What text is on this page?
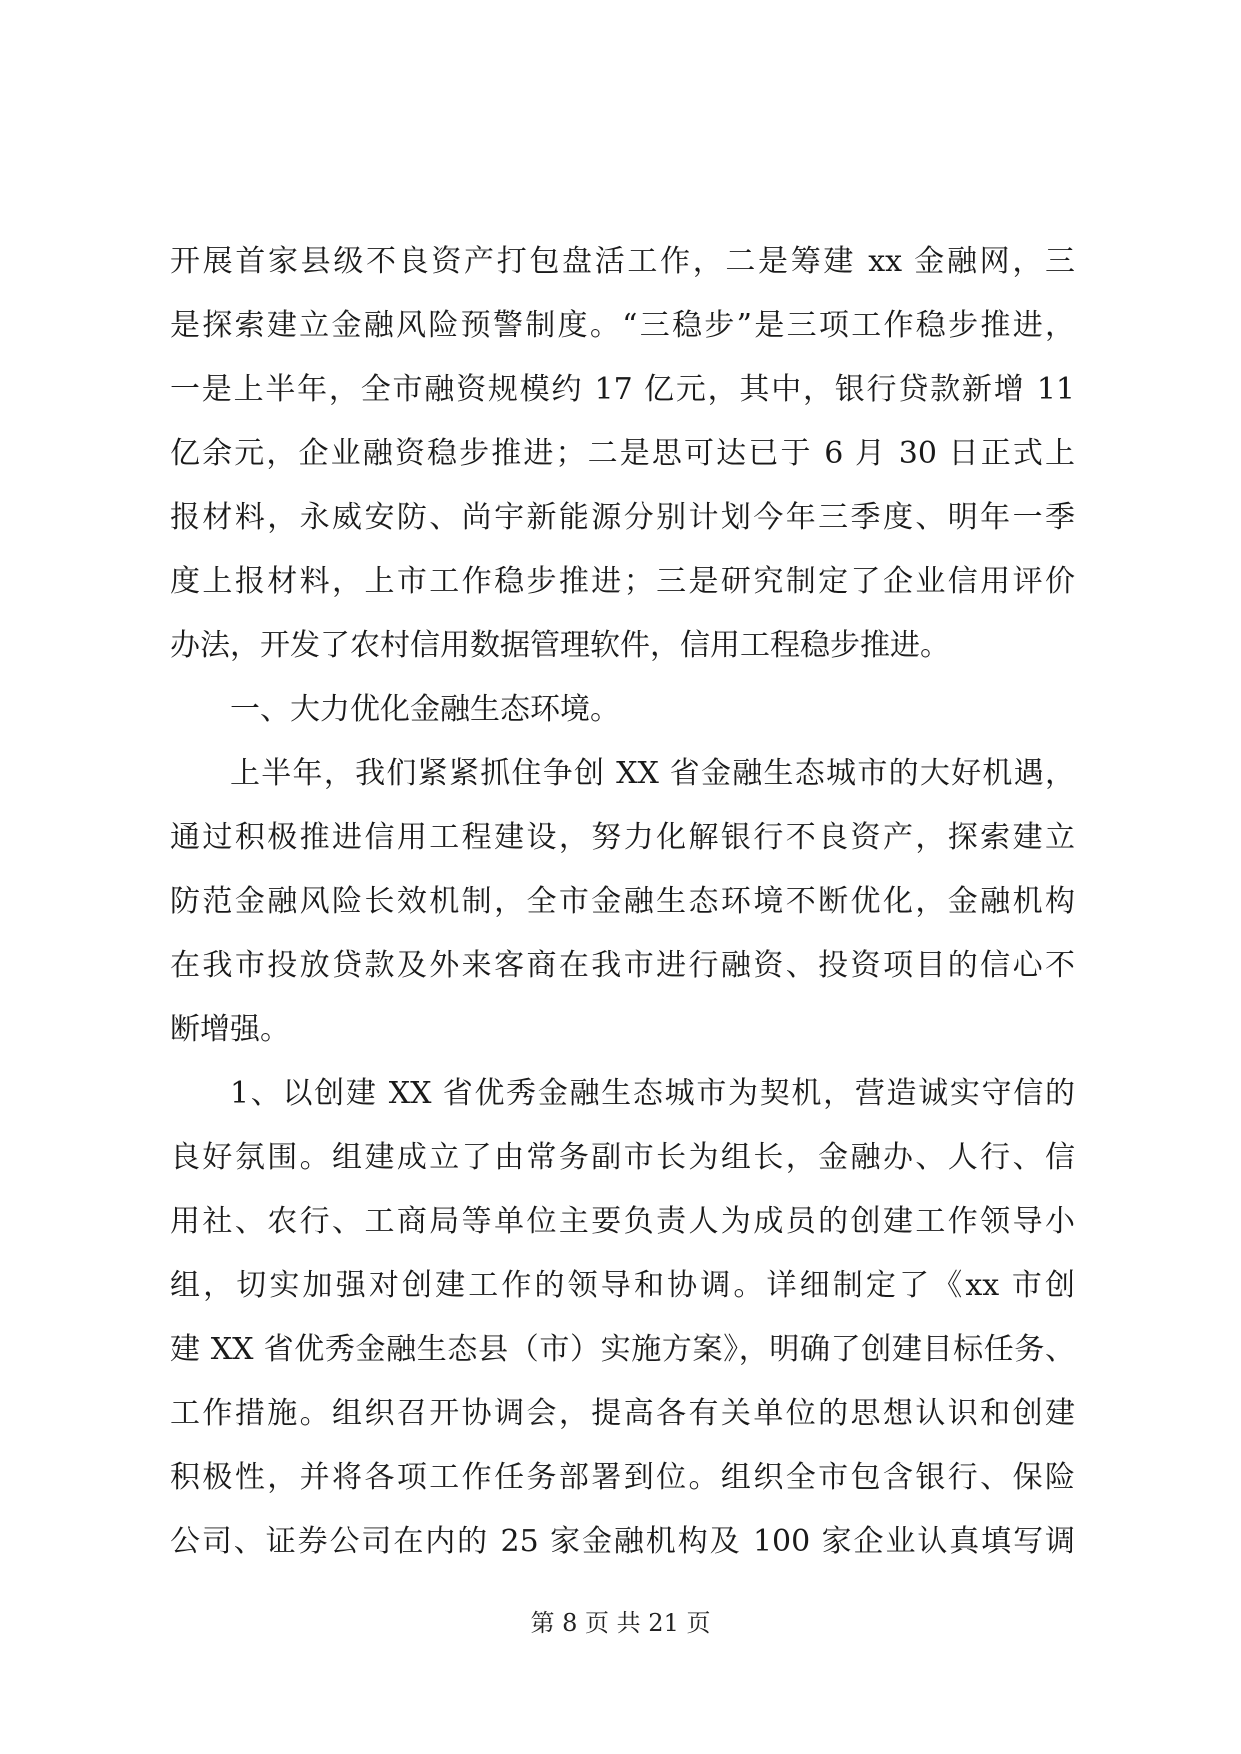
开展首家县级不良资产打包盘活工作，二是筹建 xx 金融网，三
是探索建立金融风险预警制度。“三稳步”是三项工作稳步推进，
一是上半年，全市融资规模约 17 亿元，其中，银行贷款新增 11
亿余元，企业融资稳步推进；二是思可达已于 6 月 30 日正式上
报材料，永威安防、尚宇新能源分别计划今年三季度、明年一季
度上报材料，上市工作稳步推进；三是研究制定了企业信用评价
办法，开发了农村信用数据管理软件，信用工程稳步推进。
一、大力优化金融生态环境。
上半年，我们紧紧抓住争创 XX 省金融生态城市的大好机遇，
通过积极推进信用工程建设，努力化解银行不良资产，探索建立
防范金融风险长效机制，全市金融生态环境不断优化，金融机构
在我市投放贷款及外来客商在我市进行融资、投资项目的信心不
断增强。
1、以创建 XX 省优秀金融生态城市为契机，营造诚实守信的
良好氛围。组建成立了由常务副市长为组长，金融办、人行、信
用社、农行、工商局等单位主要负责人为成员的创建工作领导小
组，切实加强对创建工作的领导和协调。详细制定了《xx 市创
建 XX 省优秀金融生态县（市）实施方案》，明确了创建目标任务、
工作措施。组织召开协调会，提高各有关单位的思想认识和创建
积极性，并将各项工作任务部署到位。组织全市包含银行、保险
公司、证券公司在内的 25 家金融机构及 100 家企业认真填写调
第 8 页 共 21 页
